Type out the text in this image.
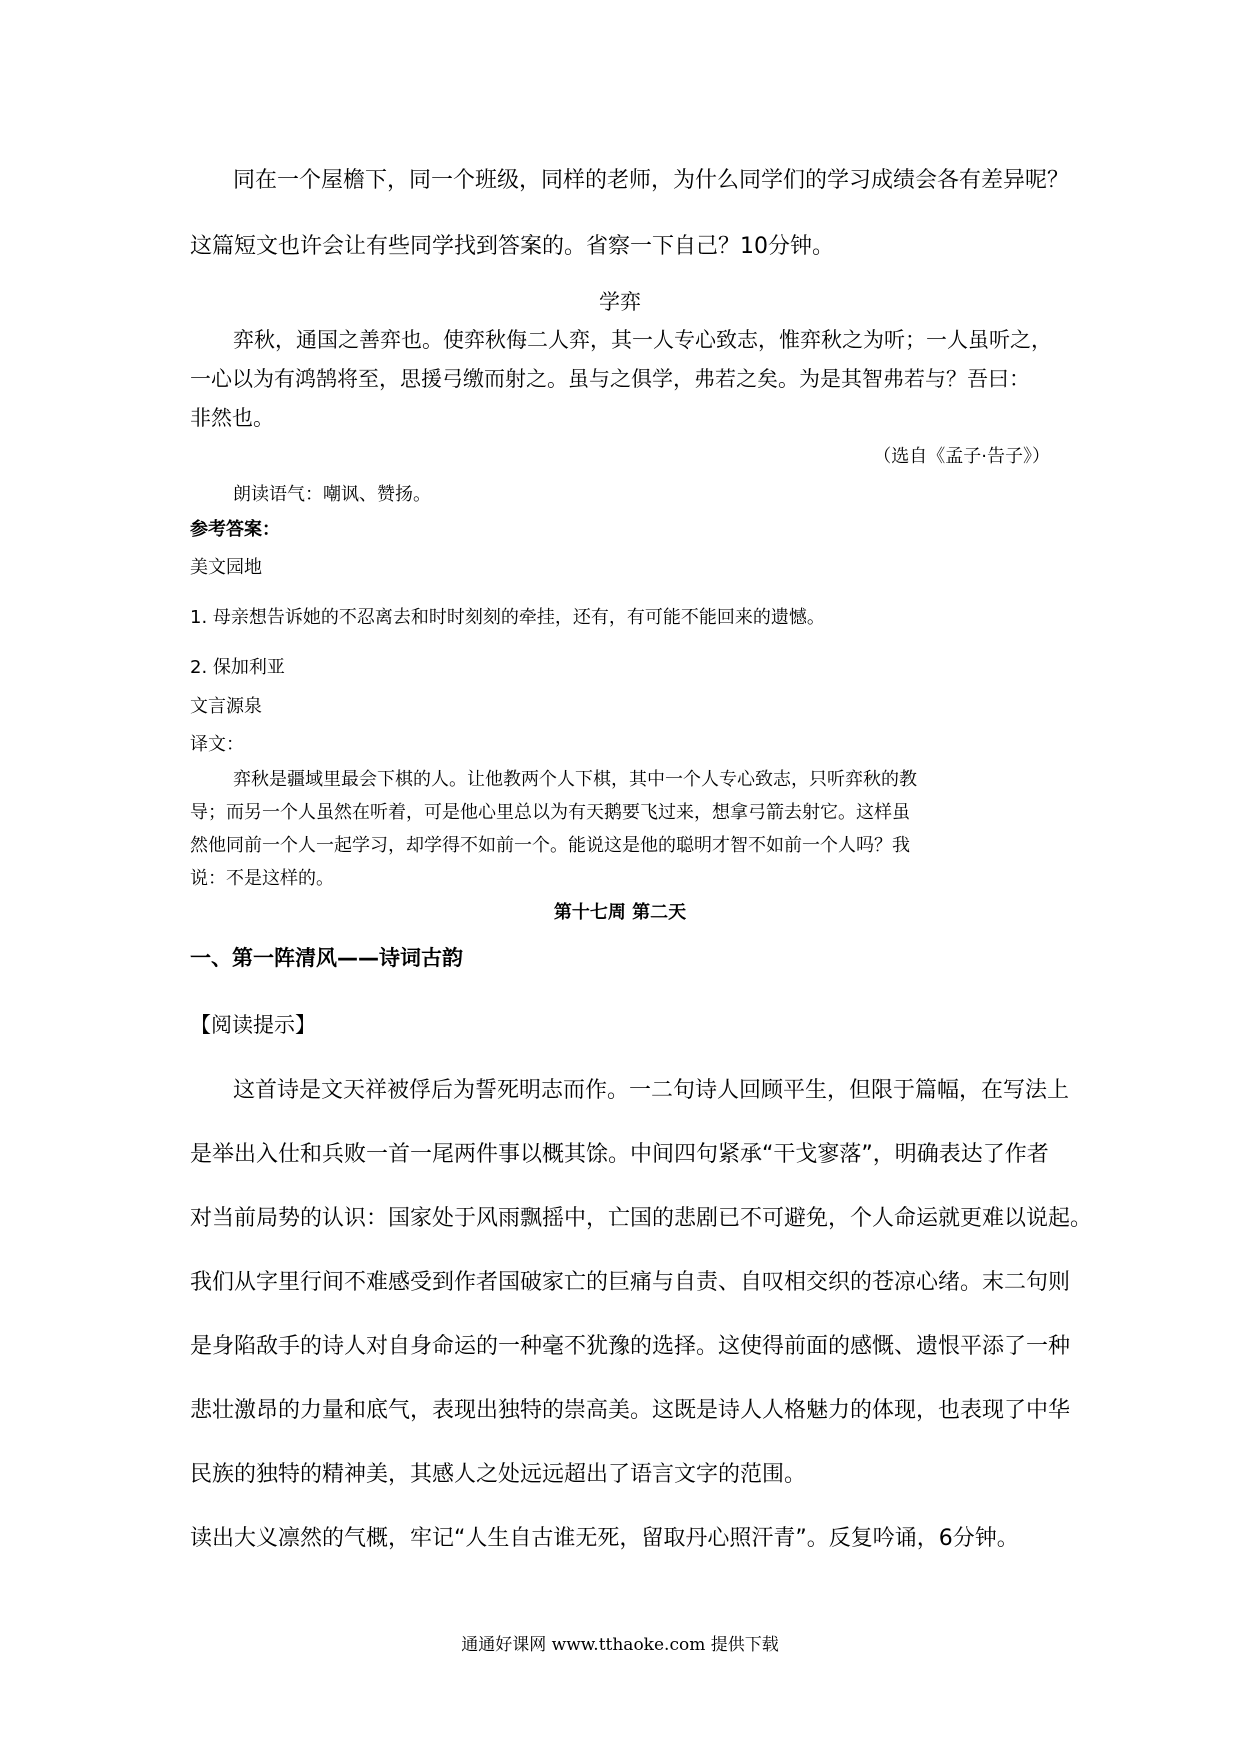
同在一个屋檐下，同一个班级，同样的老师，为什么同学们的学习成绩会各有差异呢？
这篇短文也许会让有些同学找到答案的。省察一下自己？10分钟。
学弈
弈秋，通国之善弈也。使弈秋侮二人弈，其一人专心致志，惟弈秋之为听；一人虽听之，
一心以为有鸿鹄将至，思援弓缴而射之。虽与之俱学，弗若之矣。为是其智弗若与？吾曰：
非然也。
（选自《孟子·告子》）
朗读语气：嘲讽、赞扬。
参考答案：
美文园地
1. 母亲想告诉她的不忍离去和时时刻刻的牵挂，还有，有可能不能回来的遗憾。
2. 保加利亚
文言源泉
译文：
弈秋是疆域里最会下棋的人。让他教两个人下棋，其中一个人专心致志，只听弈秋的教
导；而另一个人虽然在听着，可是他心里总以为有天鹅要飞过来，想拿弓箭去射它。这样虽
然他同前一个人一起学习，却学得不如前一个。能说这是他的聪明才智不如前一个人吗？我
说：不是这样的。
第十七周 第二天
一、第一阵清风——诗词古韵
【阅读提示】
这首诗是文天祥被俘后为誓死明志而作。一二句诗人回顾平生，但限于篇幅，在写法上
是举出入仕和兵败一首一尾两件事以概其馀。中间四句紧承“干戈寥落”，明确表达了作者
对当前局势的认识：国家处于风雨飘摇中，亡国的悲剧已不可避免，个人命运就更难以说起。
我们从字里行间不难感受到作者国破家亡的巨痛与自责、自叹相交织的苍凉心绪。末二句则
是身陷敌手的诗人对自身命运的一种毫不犹豫的选择。这使得前面的感慨、遗恨平添了一种
悲壮激昂的力量和底气，表现出独特的崇高美。这既是诗人人格魅力的体现，也表现了中华
民族的独特的精神美，其感人之处远远超出了语言文字的范围。
读出大义凛然的气概，牢记“人生自古谁无死，留取丹心照汗青”。反复吟诵，6分钟。
通通好课网 www.tthaoke.com 提供下载
